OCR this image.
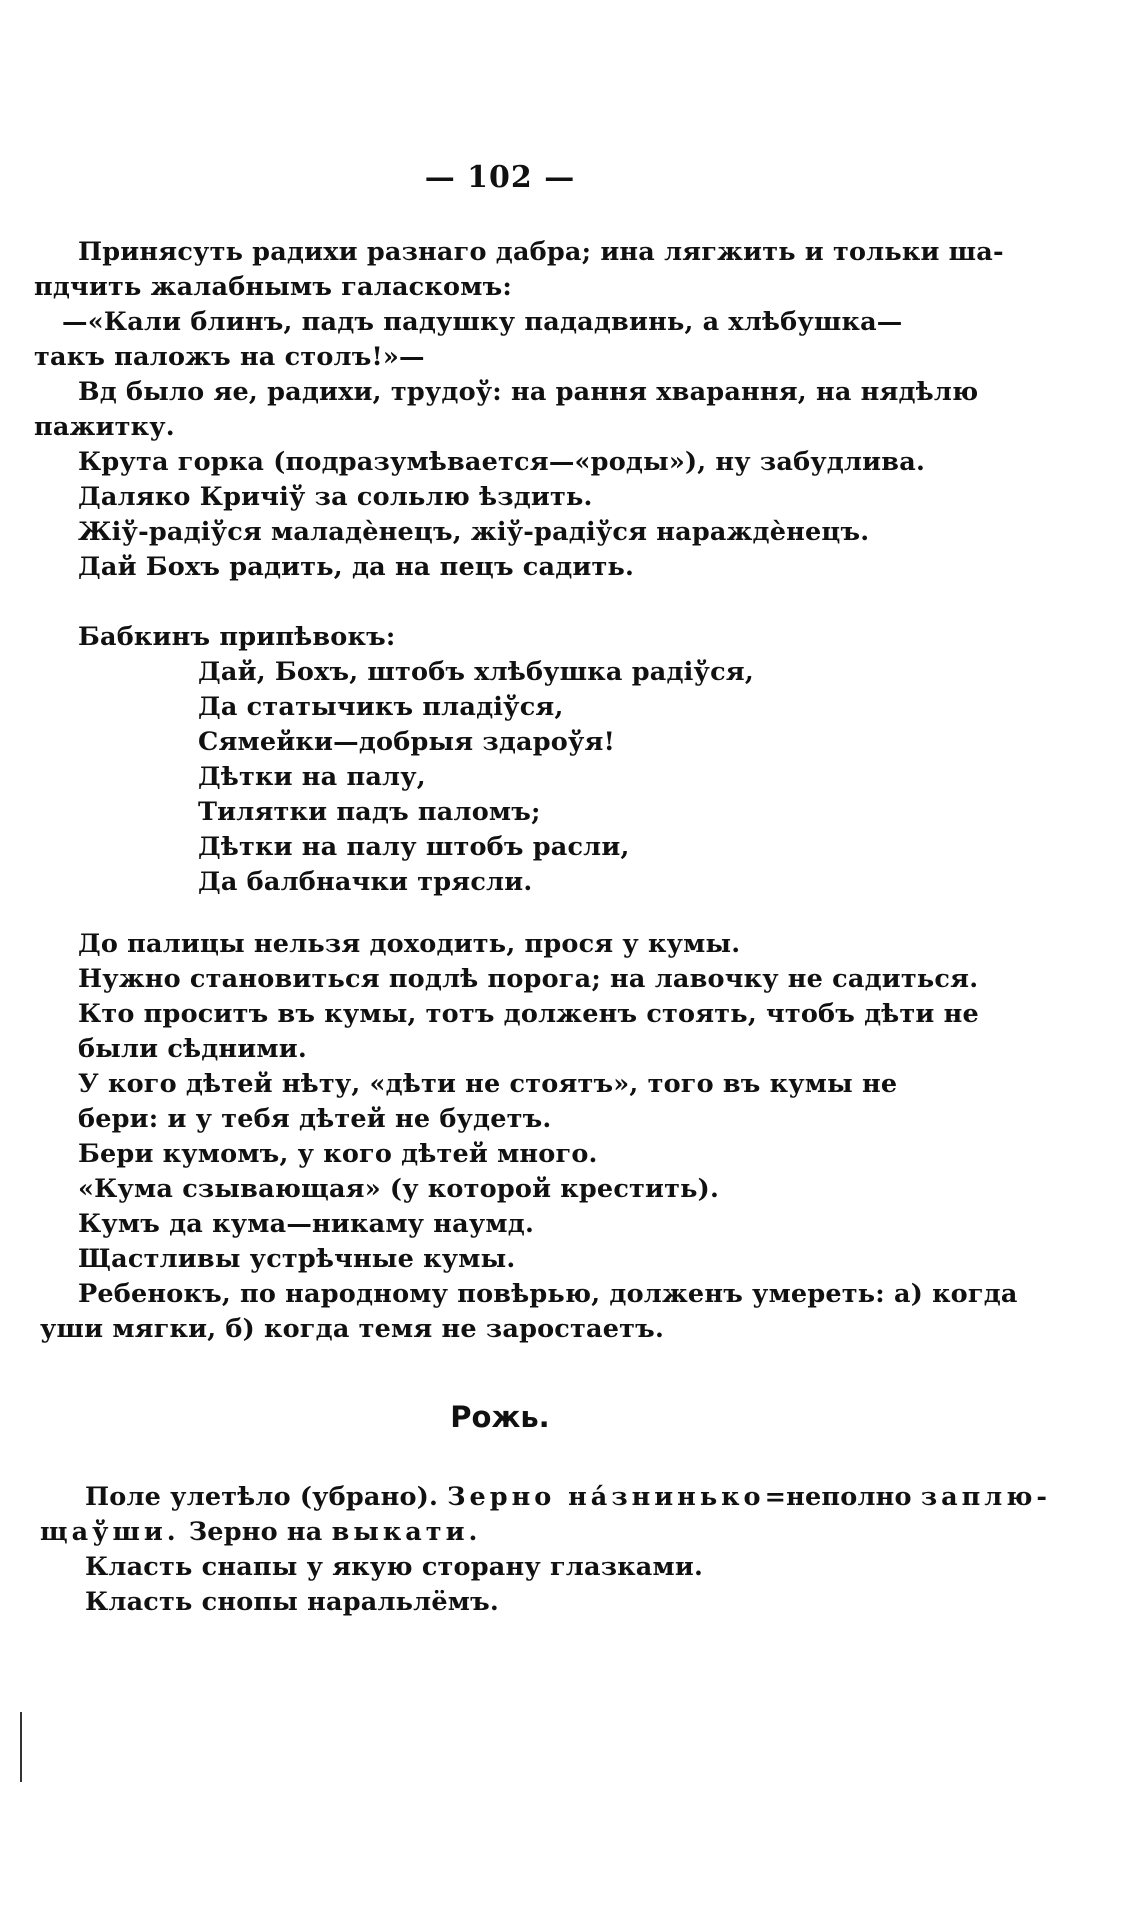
— 102 —
Принясуть радихи разнаго дабра; ина лягжить и тольки ша-
пдчить жалабнымъ галаскомъ:
—«Кали блинъ, падъ падушку пададвинь, а хлѣбушка—
такъ паложъ на столъ!»—
Вд было яе, радихи, трудоў: на рання хварання, на нядѣлю
пажитку.
Крута горка (подразумѣвается—«роды»), ну забудлива.
Даляко Кричіў за сольлю ѣздить.
Жіў-радіўся маладѐнецъ, жіў-радіўся нараждѐнецъ.
Дай Бохъ радить, да на пецъ садить.
Бабкинъ припѣвокъ:
Дай, Бохъ, штобъ хлѣбушка радіўся,
Да статычикъ пладіўся,
Сямейки—добрыя здароўя!
Дѣтки на палу,
Тилятки падъ паломъ;
Дѣтки на палу штобъ расли,
Да балбначки трясли.
До палицы нельзя доходить, прося у кумы.
Нужно становиться подлѣ порога; на лавочку не садиться.
Кто проситъ въ кумы, тотъ долженъ стоять, чтобъ дѣти не
были сѣдними.
У кого дѣтей нѣту, «дѣти не стоятъ», того въ кумы не
бери: и у тебя дѣтей не будетъ.
Бери кумомъ, у кого дѣтей много.
«Кума сзывающая» (у которой крестить).
Кумъ да кума—никаму наумд.
Щастливы устрѣчные кумы.
Ребенокъ, по народному повѣрью, долженъ умереть: а) когда
уши мягки, б) когда темя не заростаетъ.
Рожь.
Поле улетѣло (убрано). Зерно на́знинько=неполно заплю-
щаўши. Зерно на выкати.
Класть снапы у якую сторану глазками.
Класть снопы наральлёмъ.
